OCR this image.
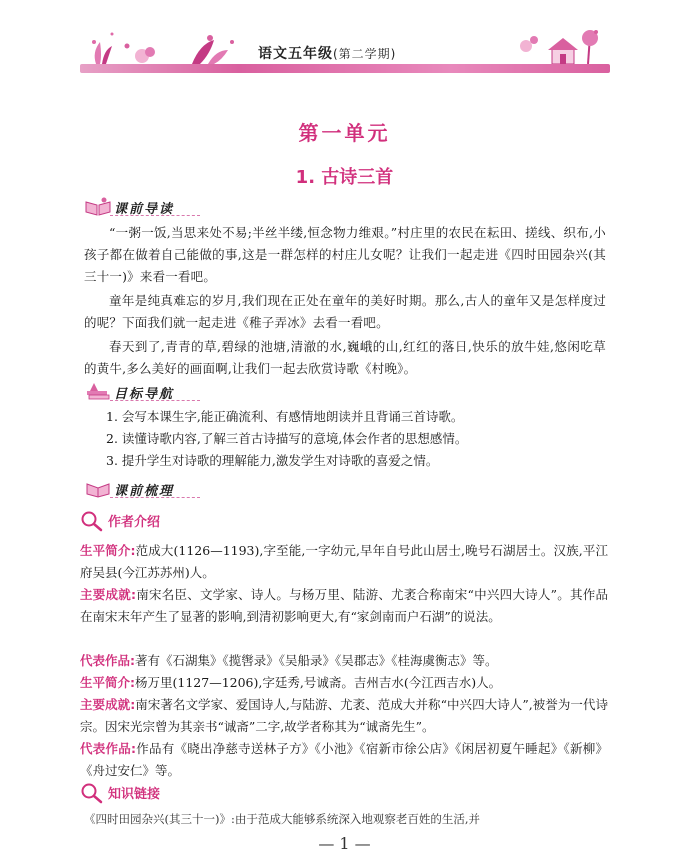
语文五年级(第二学期)
第一单元
1. 古诗三首
课前导读
“一粥一饭,当思来处不易;半丝半缕,恒念物力维艰。”村庄里的农民在耘田、搓线、织布,小孩子都在做着自己能做的事,这是一群怎样的村庄儿女呢？让我们一起走进《四时田园杂兴(其三十一)》来看一看吧。
童年是纯真难忘的岁月,我们现在正处在童年的美好时期。那么,古人的童年又是怎样度过的呢？下面我们就一起走进《稚子弄冰》去看一看吧。
春天到了,青青的草,碧绿的池塘,清澈的水,巍峨的山,红红的落日,快乐的放牛娃,悠闲吃草的黄牛,多么美好的画面啊,让我们一起去欣赏诗歌《村晚》。
目标导航
1. 会写本课生字,能正确流利、有感情地朗读并且背诵三首诗歌。
2. 读懂诗歌内容,了解三首古诗描写的意境,体会作者的思想感情。
3. 提升学生对诗歌的理解能力,激发学生对诗歌的喜爱之情。
课前梳理
作者介绍
生平简介:范成大(1126—1193),字至能,一字幼元,早年自号此山居士,晚号石湖居士。汉族,平江府吴县(今江苏苏州)人。
主要成就:南宋名臣、文学家、诗人。与杨万里、陆游、尤袤合称南宋“中兴四大诗人”。其作品在南宋末年产生了显著的影响,到清初影响更大,有“家剑南而户石湖”的说法。
代表作品:著有《石湖集》《揽辔录》《吴船录》《吴郡志》《桂海虞衡志》等。
生平简介:杨万里(1127—1206),字廷秀,号诚斋。吉州吉水(今江西吉水)人。
主要成就:南宋著名文学家、爱国诗人,与陆游、尤袤、范成大并称“中兴四大诗人”,被誉为一代诗宗。因宋光宗曾为其亲书“诚斋”二字,故学者称其为“诚斋先生”。
代表作品:作品有《晓出净慈寺送林子方》《小池》《宿新市徐公店》《闲居初夏午睡起》《新柳》《舟过安仁》等。
知识链接
《四时田园杂兴(其三十一)》:由于范成大能够系统深入地观察老百姓的生活,并
— 1 —
